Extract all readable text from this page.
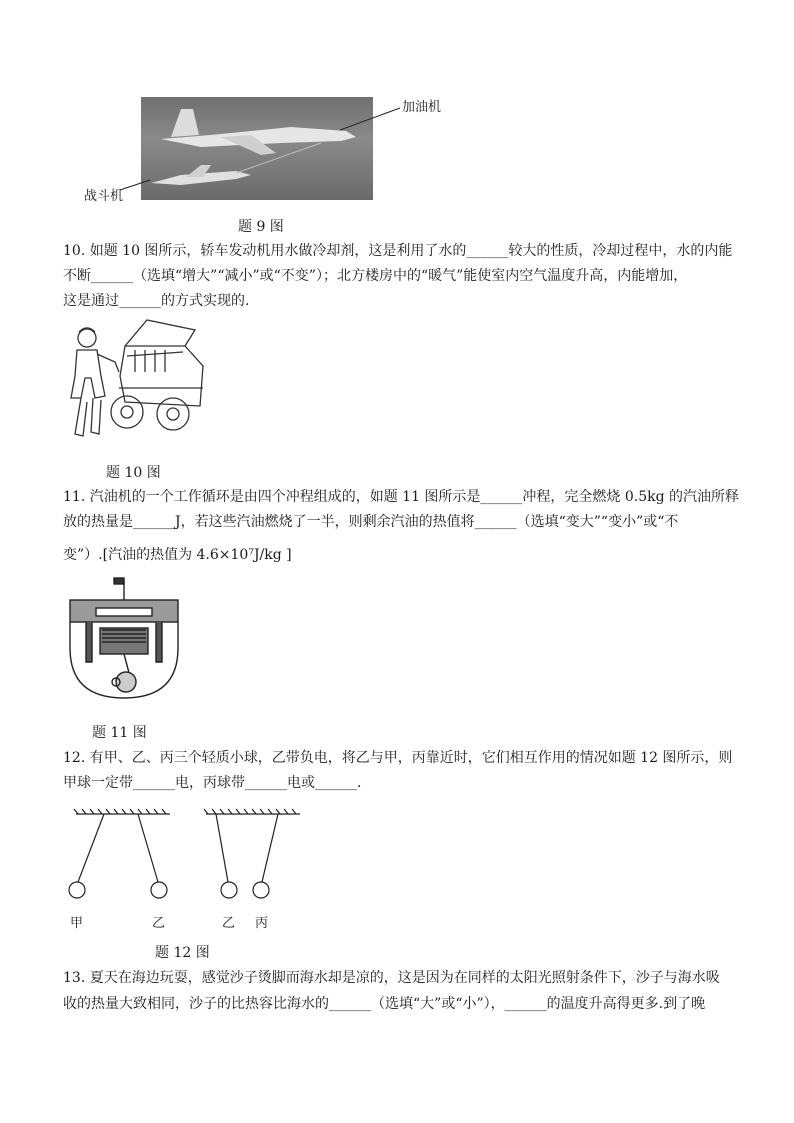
加油机
战斗机
题 9 图
10. 如题 10 图所示，轿车发动机用水做冷却剂，这是利用了水的______较大的性质，冷却过程中，水的内能
不断______（选填“增大”“减小”或“不变”）；北方楼房中的“暖气”能使室内空气温度升高，内能增加，
这是通过______的方式实现的.
题 10 图
11. 汽油机的一个工作循环是由四个冲程组成的，如题 11 图所示是______冲程，完全燃烧 0.5kg 的汽油所释
放的热量是______J，若这些汽油燃烧了一半，则剩余汽油的热值将______（选填“变大”“变小”或“不
变”）.[汽油的热值为 4.6×10⁷J/kg ]
题 11 图
12. 有甲、乙、丙三个轻质小球，乙带负电，将乙与甲，丙靠近时，它们相互作用的情况如题 12 图所示，则
甲球一定带______电，丙球带______电或______.
甲	乙	乙 丙
题 12 图
13. 夏天在海边玩耍，感觉沙子烫脚而海水却是凉的，这是因为在同样的太阳光照射条件下，沙子与海水吸
收的热量大致相同，沙子的比热容比海水的______（选填“大”或“小”），______的温度升高得更多.到了晚
